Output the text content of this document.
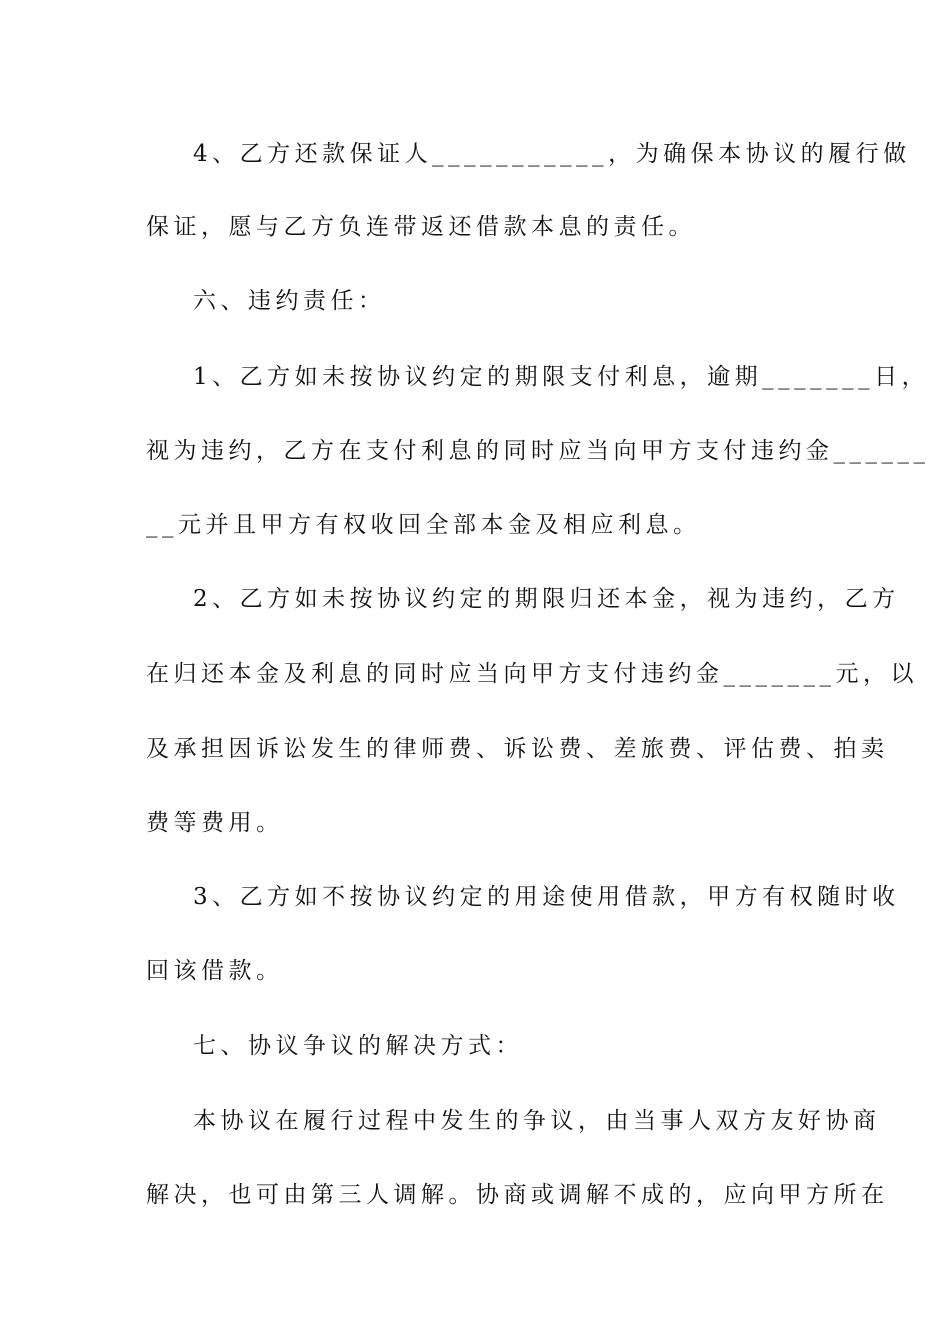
4、乙方还款保证人___________，为确保本协议的履行做

保证，愿与乙方负连带返还借款本息的责任。

六、违约责任：

1、乙方如未按协议约定的期限支付利息，逾期_______日，

视为违约，乙方在支付利息的同时应当向甲方支付违约金______

__元并且甲方有权收回全部本金及相应利息。

2、乙方如未按协议约定的期限归还本金，视为违约，乙方

在归还本金及利息的同时应当向甲方支付违约金_______元，以

及承担因诉讼发生的律师费、诉讼费、差旅费、评估费、拍卖

费等费用。

3、乙方如不按协议约定的用途使用借款，甲方有权随时收

回该借款。

七、协议争议的解决方式：

本协议在履行过程中发生的争议，由当事人双方友好协商

解决，也可由第三人调解。协商或调解不成的，应向甲方所在
